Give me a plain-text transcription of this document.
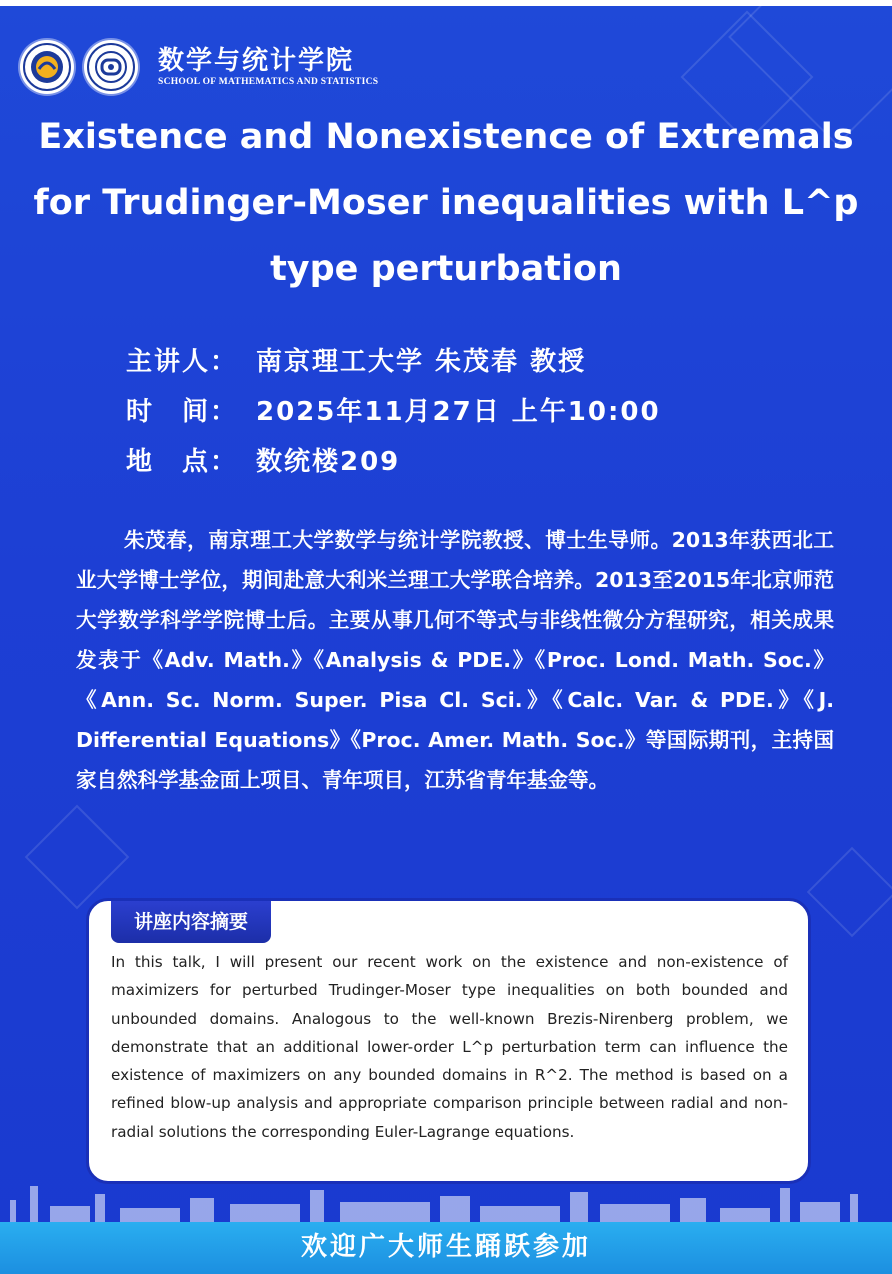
数学与统计学院
SCHOOL OF MATHEMATICS AND STATISTICS
Existence and Nonexistence of Extremals for Trudinger-Moser inequalities with L^p type perturbation
主讲人： 南京理工大学 朱茂春 教授
时　间： 2025年11月27日 上午10:00
地　点： 数统楼209

朱茂春，南京理工大学数学与统计学院教授、博士生导师。2013年获西北工业大学博士学位，期间赴意大利米兰理工大学联合培养。2013至2015年北京师范大学数学科学学院博士后。主要从事几何不等式与非线性微分方程研究，相关成果发表于《Adv. Math.》《Analysis & PDE.》《Proc. Lond. Math. Soc.》《Ann. Sc. Norm. Super. Pisa Cl. Sci.》《Calc. Var. & PDE.》《J. Differential Equations》《Proc. Amer. Math. Soc.》等国际期刊，主持国家自然科学基金面上项目、青年项目，江苏省青年基金等。

讲座内容摘要

In this talk, I will present our recent work on the existence and non-existence of maximizers for perturbed Trudinger-Moser type inequalities on both bounded and unbounded domains. Analogous to the well-known Brezis-Nirenberg problem, we demonstrate that an additional lower-order L^p perturbation term can influence the existence of maximizers on any bounded domains in R^2. The method is based on a refined blow-up analysis and appropriate comparison principle between radial and non-radial solutions the corresponding Euler-Lagrange equations.

欢迎广大师生踊跃参加
